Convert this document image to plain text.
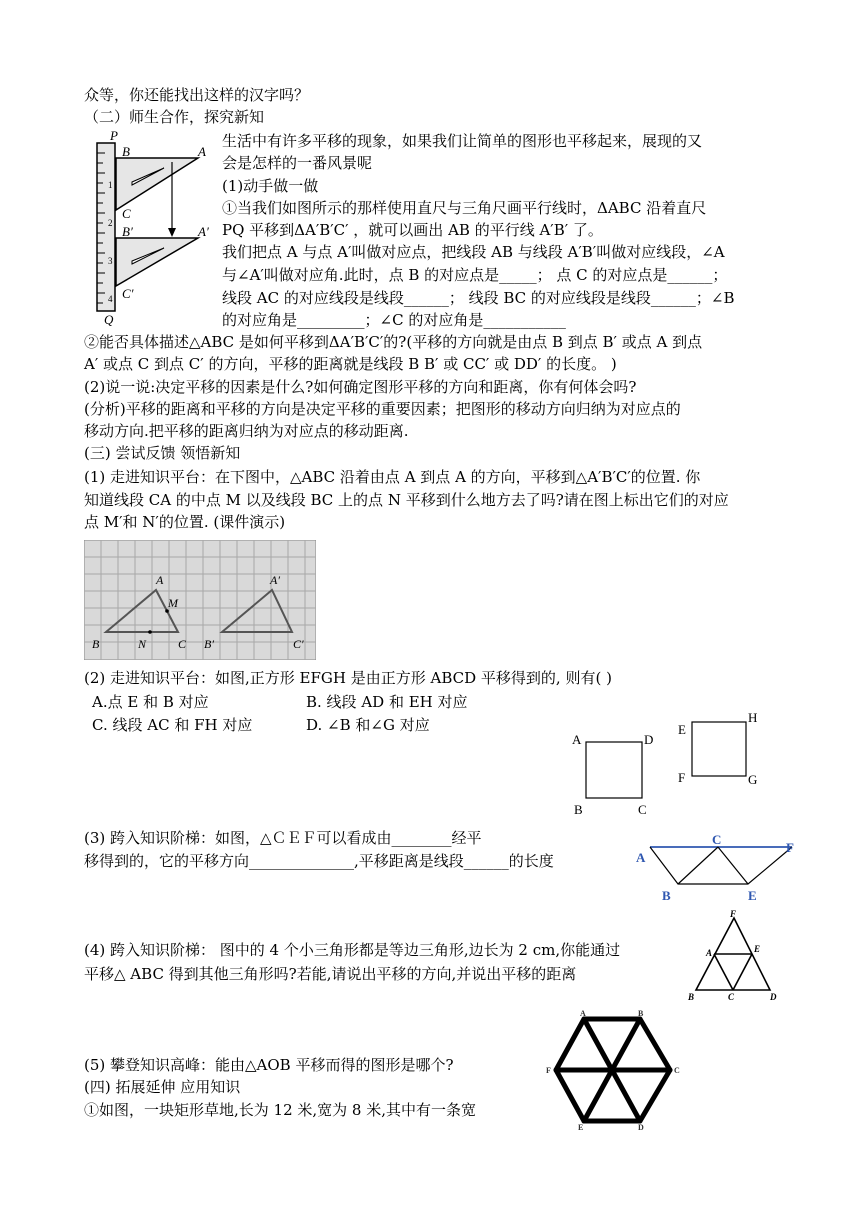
众等，你还能找出这样的汉字吗？
（二）师生合作，探究新知
生活中有许多平移的现象，如果我们让简单的图形也平移起来，展现的又
会是怎样的一番风景呢
(1)动手做一做
①当我们如图所示的那样使用直尺与三角尺画平行线时，ΔABC 沿着直尺
PQ 平移到ΔA′B′C′ ，就可以画出 AB 的平行线 A′B′ 了。
我们把点 A 与点 A′叫做对应点，把线段 AB 与线段 A′B′叫做对应线段，∠A
与∠A′叫做对应角.此时，点 B 的对应点是_____； 点 C 的对应点是______；
线段 AC 的对应线段是线段______； 线段 BC 的对应线段是线段______；∠B
的对应角是_________；∠C 的对应角是___________
②能否具体描述△ABC 是如何平移到ΔA′B′C′的?(平移的方向就是由点 B 到点 B′ 或点 A 到点
A′ 或点 C 到点 C′ 的方向，平移的距离就是线段 B B′ 或 CC′ 或 DD′ 的长度。 )
(2)说一说:决定平移的因素是什么?如何确定图形平移的方向和距离，你有何体会吗?
(分析)平移的距离和平移的方向是决定平移的重要因素；把图形的移动方向归纳为对应点的
移动方向.把平移的距离归纳为对应点的移动距离.
(三) 尝试反馈 领悟新知
(1) 走进知识平台：在下图中，△ABC 沿着由点 A 到点 A 的方向，平移到△A′B′C′的位置. 你
知道线段 CA 的中点 M 以及线段 BC 上的点 N 平移到什么地方去了吗?请在图上标出它们的对应
点 M′和 N′的位置. (课件演示)
(2) 走进知识平台：如图,正方形 EFGH 是由正方形 ABCD 平移得到的, 则有( )
A.点 E 和 B 对应	B. 线段 AD 和 EH 对应
C. 线段 AC 和 FH 对应	D. ∠B 和∠G 对应
(3) 跨入知识阶梯：如图，△ＣＥＦ可以看成由________经平
移得到的，它的平移方向______________,平移距离是线段______的长度
(4) 跨入知识阶梯： 图中的 4 个小三角形都是等边三角形,边长为 2 cm,你能通过
平移△ ABC 得到其他三角形吗?若能,请说出平移的方向,并说出平移的距离
(5) 攀登知识高峰：能由△AOB 平移而得的图形是哪个?
(四) 拓展延伸 应用知识
①如图，一块矩形草地,长为 12 米,宽为 8 米,其中有一条宽
1
2
3
4
P
B	A
C
B′	A′
C′
Q
A
M
B	N	C
A′
B′	C′
A	D
B	C
E
H
F	G
A
C
F
B	E
F
A	E
B	C	D
A	B
F	C
E	D
